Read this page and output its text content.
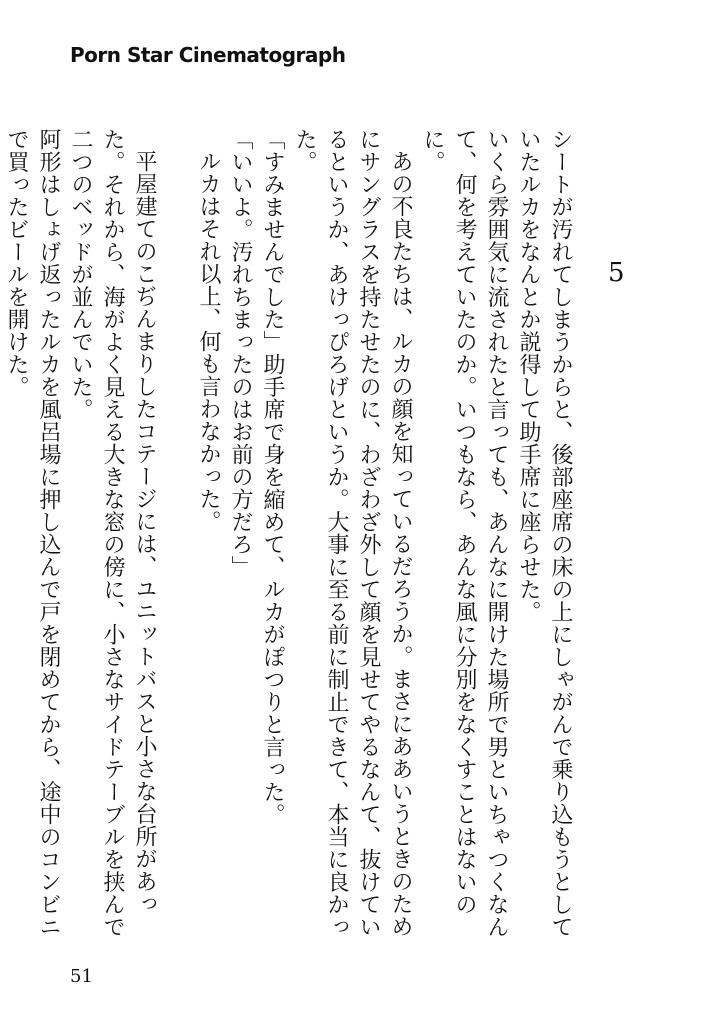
Porn Star Cinematograph
5

シートが汚れてしまうからと、後部座席の床の上にしゃがんで乗り込もうとしていたルカをなんとか説得して助手席に座らせた。

いくら雰囲気に流されたと言っても、あんなに開けた場所で男といちゃつくなんて、何を考えていたのか。いつもなら、あんな風に分別をなくすことはないのに。

あの不良たちは、ルカの顔を知っているだろうか。まさにああいうときのためにサングラスを持たせたのに、わざわざ外して顔を見せてやるなんて、抜けているというか、あけっぴろげというか。大事に至る前に制止できて、本当に良かった。

「すみませんでした」助手席で身を縮めて、ルカがぽつりと言った。

「いいよ。汚れちまったのはお前の方だろ」

ルカはそれ以上、何も言わなかった。

平屋建てのこぢんまりしたコテージには、ユニットバスと小さな台所があった。それから、海がよく見える大きな窓の傍に、小さなサイドテーブルを挟んで二つのベッドが並んでいた。

阿形はしょげ返ったルカを風呂場に押し込んで戸を閉めてから、途中のコンビニで買ったビールを開けた。

51
